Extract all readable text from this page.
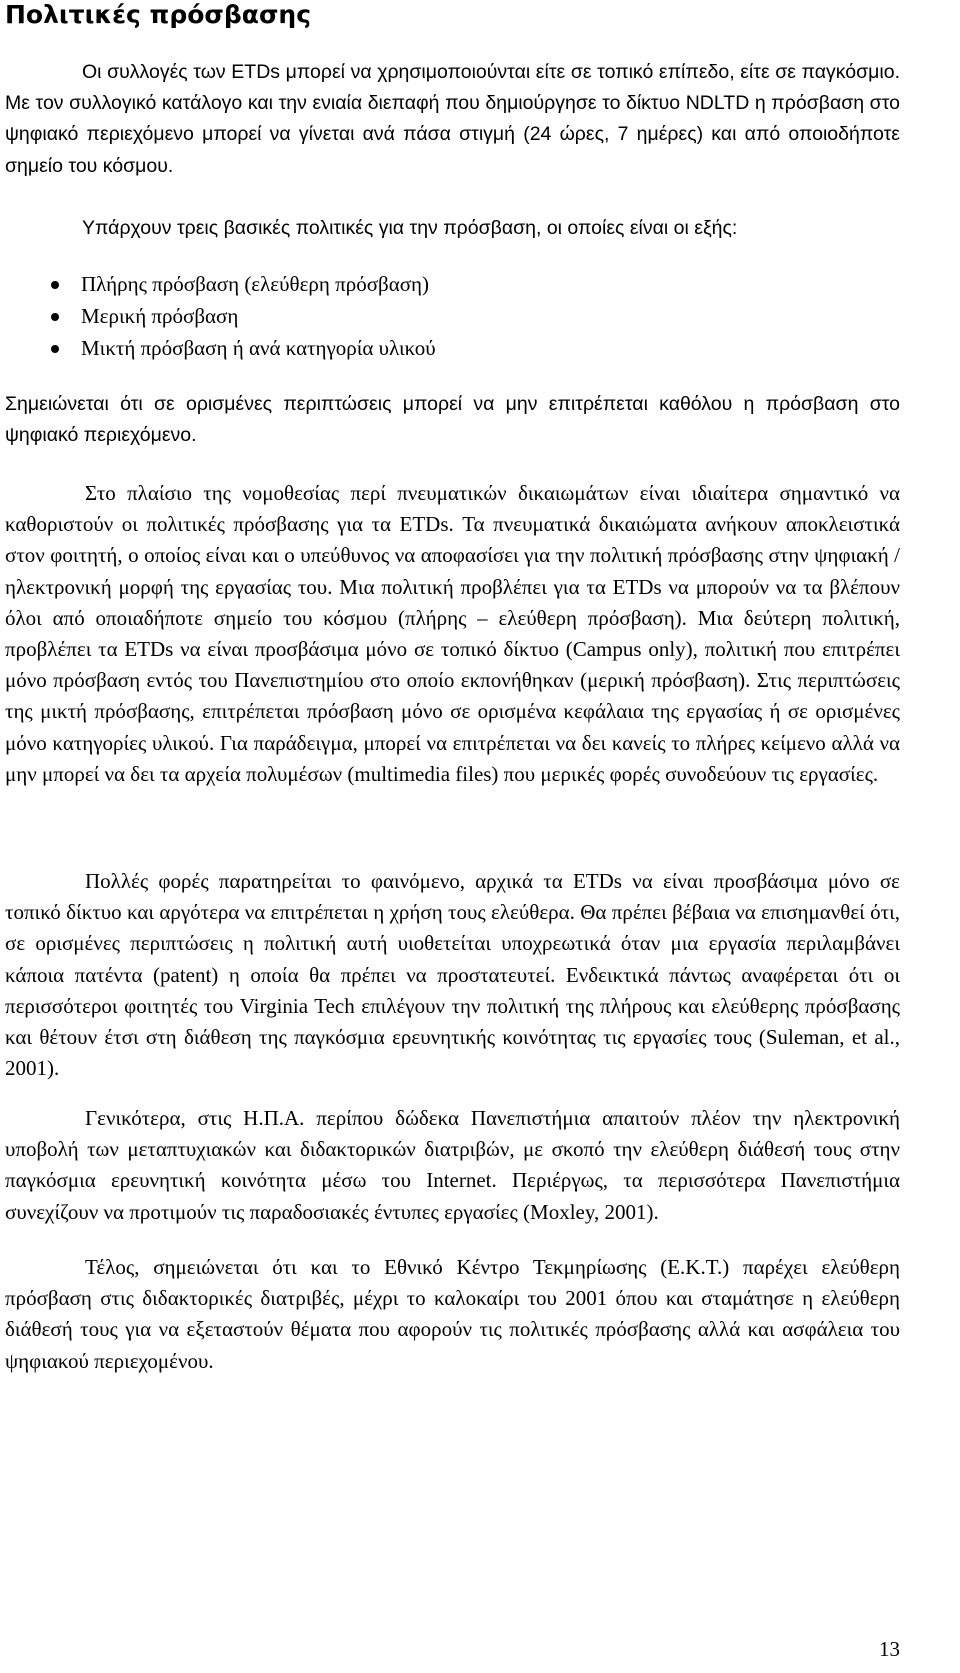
Πολιτικές πρόσβασης

Οι συλλογές των ETDs μπορεί να χρησιμοποιούνται είτε σε τοπικό επίπεδο, είτε σε παγκόσμιο. Με τον συλλογικό κατάλογο και την ενιαία διεπαφή που δημιούργησε το δίκτυο NDLTD η πρόσβαση στο ψηφιακό περιεχόμενο μπορεί να γίνεται ανά πάσα στιγμή (24 ώρες, 7 ημέρες) και από οποιοδήποτε σημείο του κόσμου.

Υπάρχουν τρεις βασικές πολιτικές για την πρόσβαση, οι οποίες είναι οι εξής:

Πλήρης πρόσβαση (ελεύθερη πρόσβαση)
Μερική πρόσβαση
Μικτή πρόσβαση ή ανά κατηγορία υλικού

Σημειώνεται ότι σε ορισμένες περιπτώσεις μπορεί να μην επιτρέπεται καθόλου η πρόσβαση στο ψηφιακό περιεχόμενο.

Στο πλαίσιο της νομοθεσίας περί πνευματικών δικαιωμάτων είναι ιδιαίτερα σημαντικό να καθοριστούν οι πολιτικές πρόσβασης για τα ETDs. Τα πνευματικά δικαιώματα ανήκουν αποκλειστικά στον φοιτητή, ο οποίος είναι και ο υπεύθυνος να αποφασίσει για την πολιτική πρόσβασης στην ψηφιακή / ηλεκτρονική μορφή της εργασίας του. Μια πολιτική προβλέπει για τα ETDs να μπορούν να τα βλέπουν όλοι από οποιαδήποτε σημείο του κόσμου (πλήρης – ελεύθερη πρόσβαση). Μια δεύτερη πολιτική, προβλέπει τα ETDs να είναι προσβάσιμα μόνο σε τοπικό δίκτυο (Campus only), πολιτική που επιτρέπει μόνο πρόσβαση εντός του Πανεπιστημίου στο οποίο εκπονήθηκαν (μερική πρόσβαση). Στις περιπτώσεις της μικτή πρόσβασης, επιτρέπεται πρόσβαση μόνο σε ορισμένα κεφάλαια της εργασίας ή σε ορισμένες μόνο κατηγορίες υλικού. Για παράδειγμα, μπορεί να επιτρέπεται να δει κανείς το πλήρες κείμενο αλλά να μην μπορεί να δει τα αρχεία πολυμέσων (multimedia files) που μερικές φορές συνοδεύουν τις εργασίες.

Πολλές φορές παρατηρείται το φαινόμενο, αρχικά τα ETDs να είναι προσβάσιμα μόνο σε τοπικό δίκτυο και αργότερα να επιτρέπεται η χρήση τους ελεύθερα. Θα πρέπει βέβαια να επισημανθεί ότι, σε ορισμένες περιπτώσεις η πολιτική αυτή υιοθετείται υποχρεωτικά όταν μια εργασία περιλαμβάνει κάποια πατέντα (patent) η οποία θα πρέπει να προστατευτεί. Ενδεικτικά πάντως αναφέρεται ότι οι περισσότεροι φοιτητές του Virginia Tech επιλέγουν την πολιτική της πλήρους και ελεύθερης πρόσβασης και θέτουν έτσι στη διάθεση της παγκόσμια ερευνητικής κοινότητας τις εργασίες τους (Suleman, et al., 2001).

Γενικότερα, στις Η.Π.Α. περίπου δώδεκα Πανεπιστήμια απαιτούν πλέον την ηλεκτρονική υποβολή των μεταπτυχιακών και διδακτορικών διατριβών, με σκοπό την ελεύθερη διάθεσή τους στην παγκόσμια ερευνητική κοινότητα μέσω του Internet. Περιέργως, τα περισσότερα Πανεπιστήμια συνεχίζουν να προτιμούν τις παραδοσιακές έντυπες εργασίες (Moxley, 2001).

Τέλος, σημειώνεται ότι και το Εθνικό Κέντρο Τεκμηρίωσης (Ε.Κ.Τ.) παρέχει ελεύθερη πρόσβαση στις διδακτορικές διατριβές, μέχρι το καλοκαίρι του 2001 όπου και σταμάτησε η ελεύθερη διάθεσή τους για να εξεταστούν θέματα που αφορούν τις πολιτικές πρόσβασης αλλά και ασφάλεια του ψηφιακού περιεχομένου.

13
